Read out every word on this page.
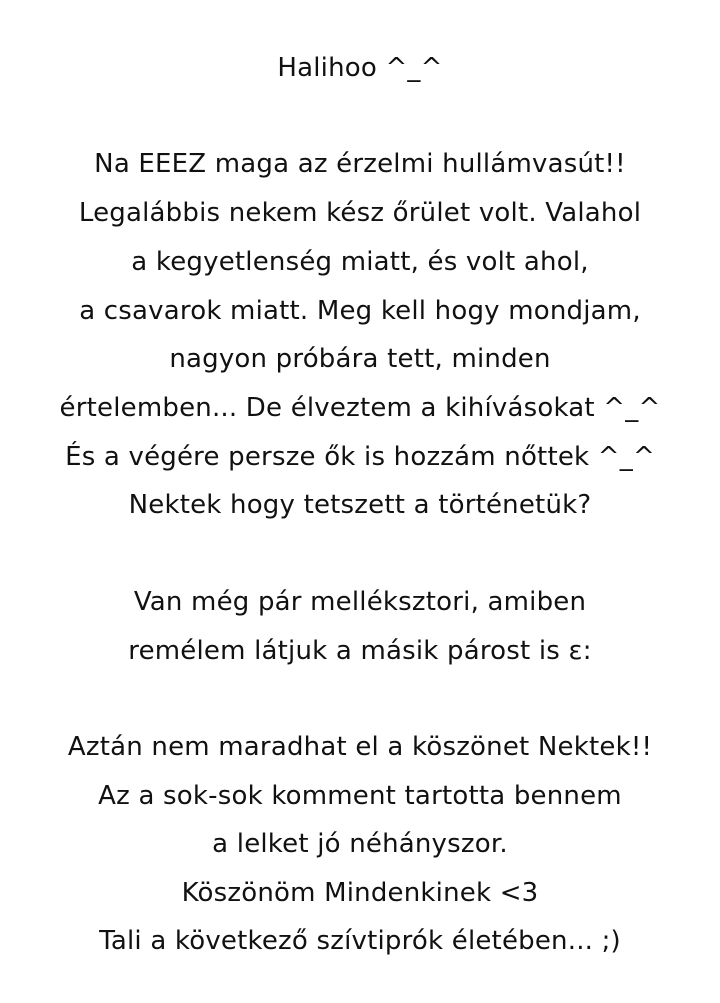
Halihoo ^_^
Na EEEZ maga az érzelmi hullámvasút!!
Legalábbis nekem kész őrület volt. Valahol
a kegyetlenség miatt, és volt ahol,
a csavarok miatt. Meg kell hogy mondjam,
nagyon próbára tett, minden
értelemben... De élveztem a kihívásokat ^_^
És a végére persze ők is hozzám nőttek ^_^
Nektek hogy tetszett a történetük?
Van még pár melléksztori, amiben
remélem látjuk a másik párost is ε:
Aztán nem maradhat el a köszönet Nektek!!
Az a sok-sok komment tartotta bennem
a lelket jó néhányszor.
Köszönöm Mindenkinek <3
Tali a következő szívtiprók életében... ;)
